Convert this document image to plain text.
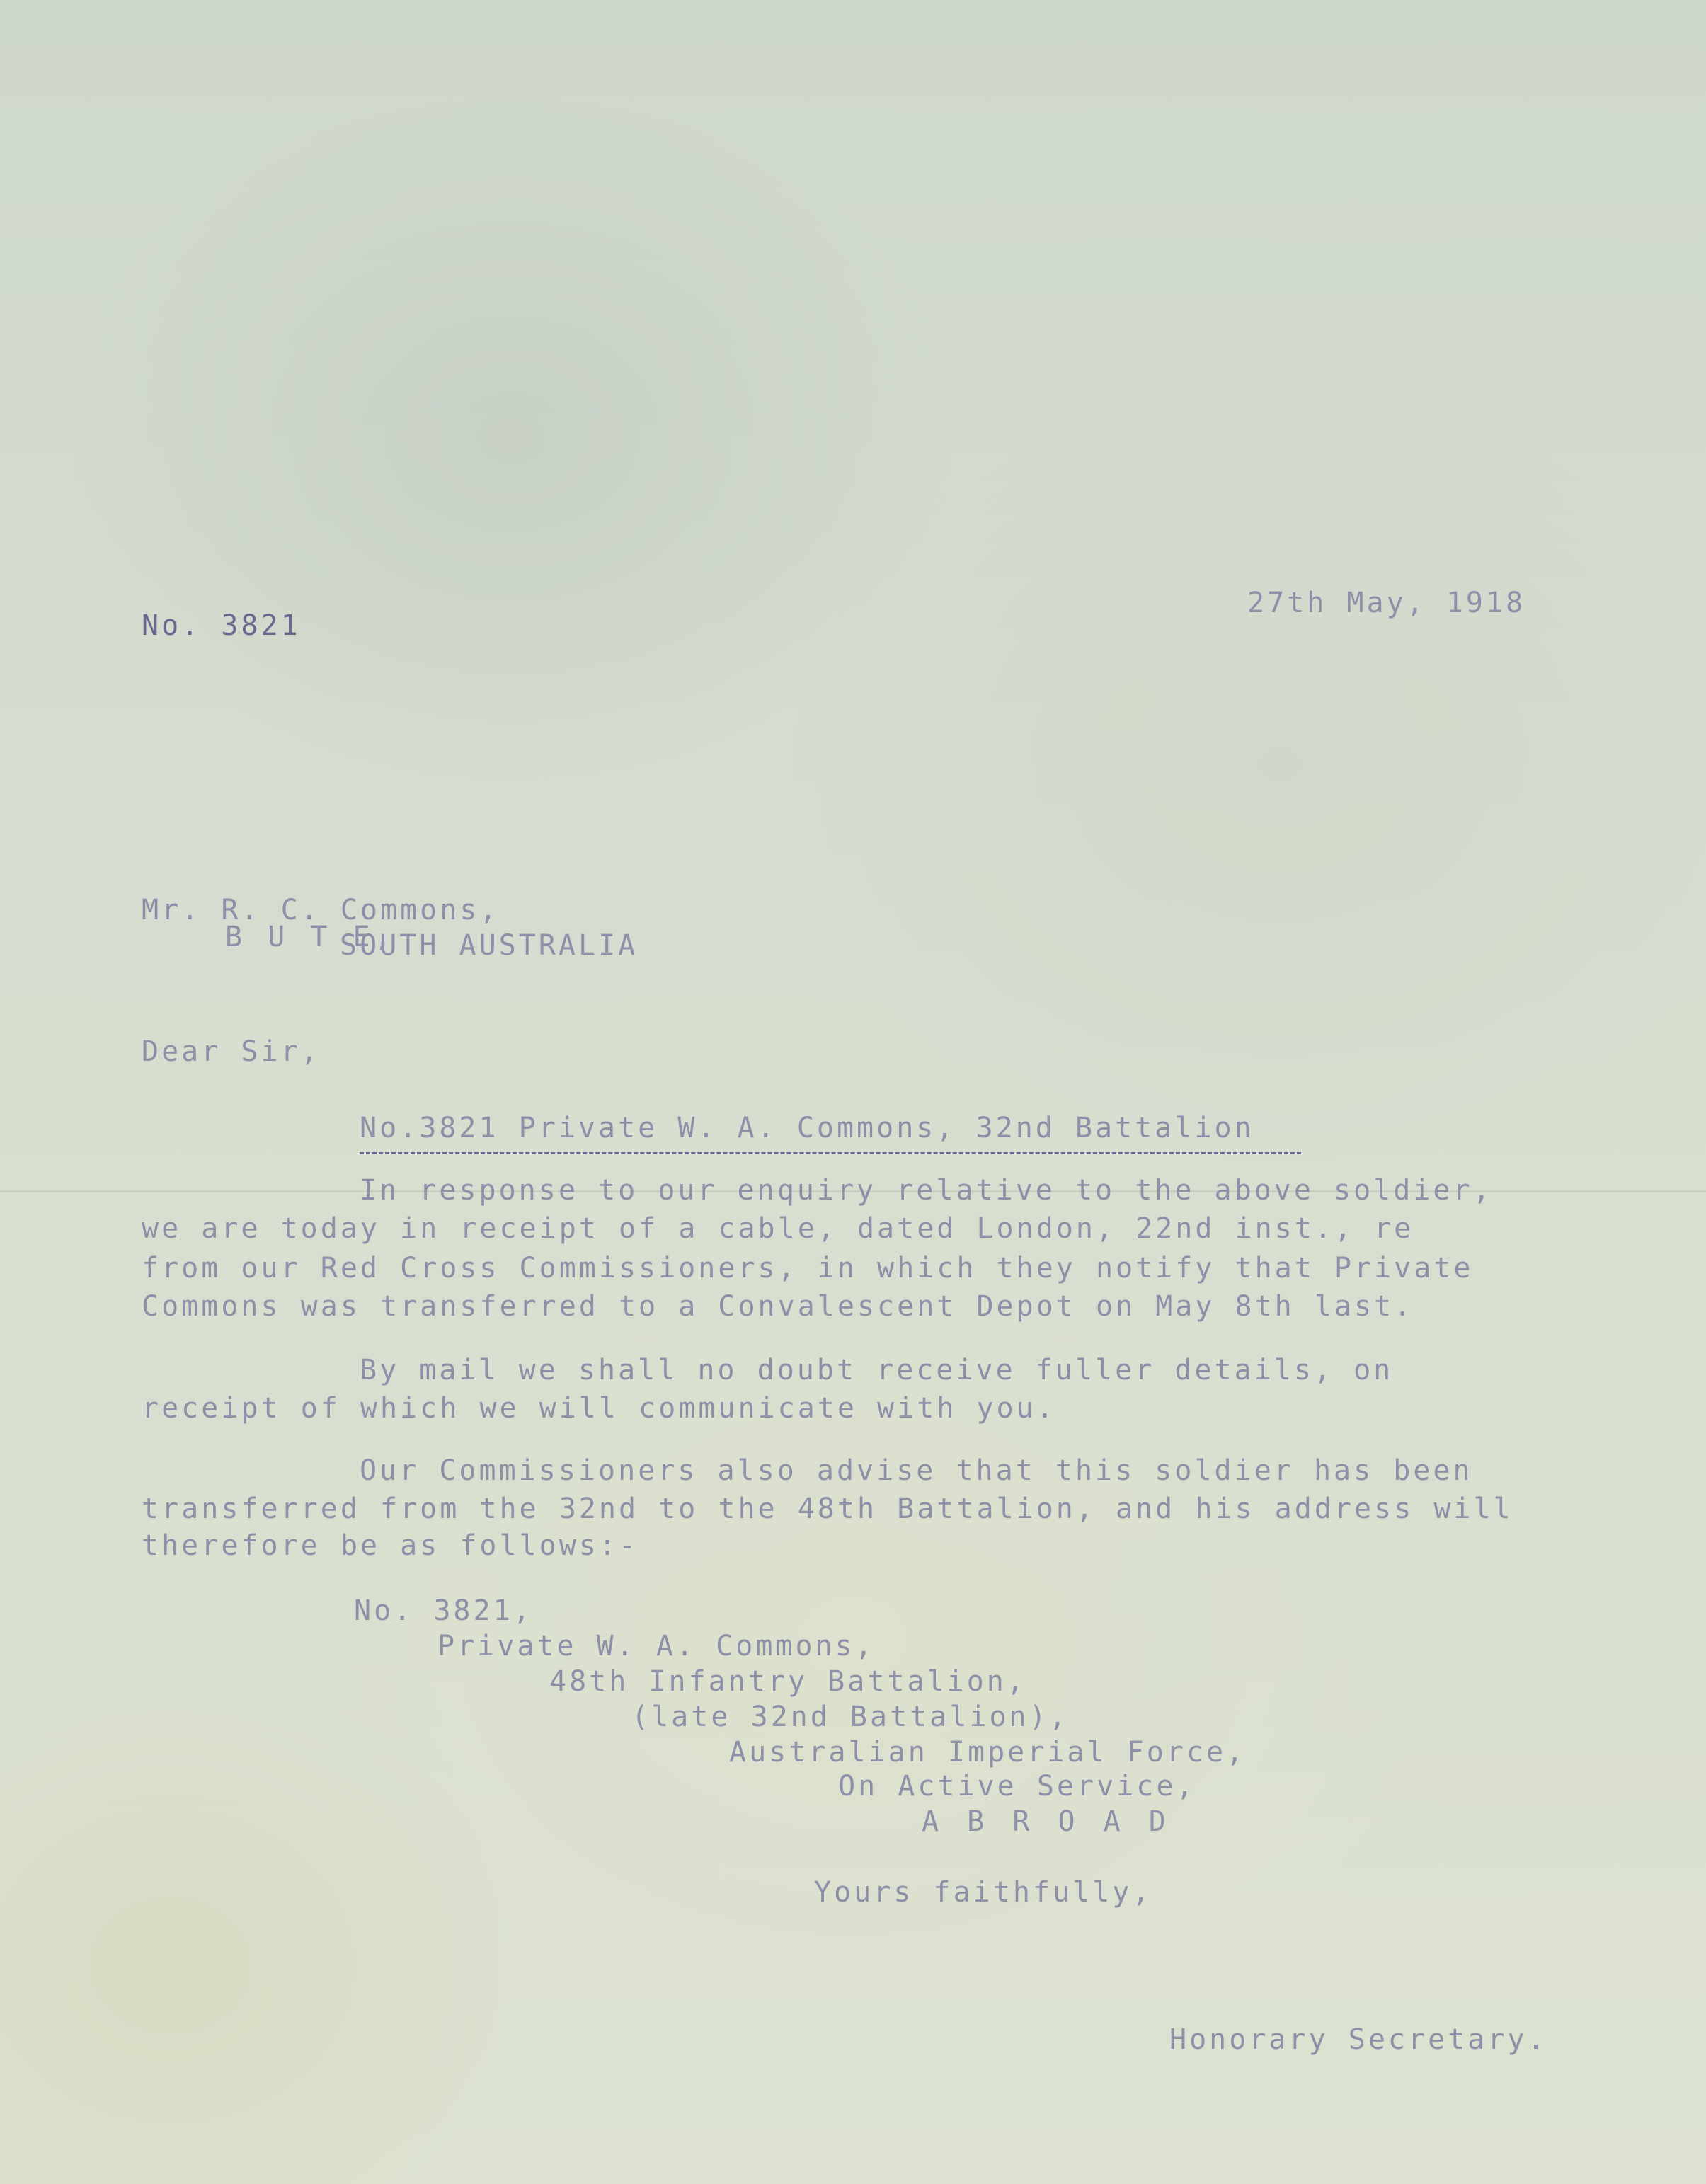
No. 3821
27th May, 1918
Mr. R. C. Commons,
B U T E,
SOUTH AUSTRALIA
Dear Sir,
No.3821 Private W. A. Commons, 32nd Battalion
In response to our enquiry relative to the above soldier,
we are today in receipt of a cable, dated London, 22nd inst., re
from our Red Cross Commissioners, in which they notify that Private
Commons was transferred to a Convalescent Depot on May 8th last.
By mail we shall no doubt receive fuller details, on
receipt of which we will communicate with you.
Our Commissioners also advise that this soldier has been
transferred from the 32nd to the 48th Battalion, and his address will
therefore be as follows:-
No. 3821,
Private W. A. Commons,
48th Infantry Battalion,
(late 32nd Battalion),
Australian Imperial Force,
On Active Service,
A B R O A D
Yours faithfully,
Honorary Secretary.
